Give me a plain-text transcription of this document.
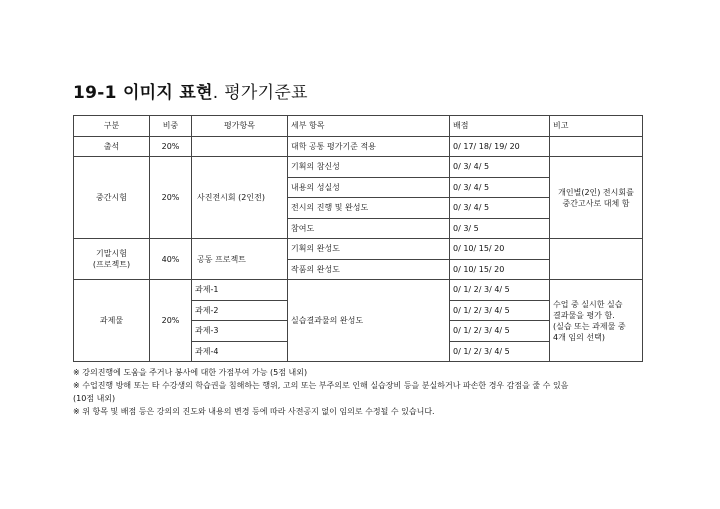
19-1 이미지 표현. 평가기준표
구분	비중	평가항목	세부 항목	배점	비고
출석	20%		대학 공통 평가기준 적용	0/ 17/ 18/ 19/ 20	
중간시험	20%	사진전시회 (2인전)	기획의 참신성	0/ 3/ 4/ 5	개인별(2인) 전시회를
중간고사로 대체 함

			내용의 성실성	0/ 3/ 4/ 5	
			전시의 진행 및 완성도	0/ 3/ 4/ 5	
			참여도	0/ 3/ 5	

기말시험
(프로젝트)	40%	공동 프로젝트	기획의 완성도	0/ 10/ 15/ 20	
			작품의 완성도	0/ 10/ 15/ 20	
과제물	20%	과제-1	실습결과물의 완성도	0/ 1/ 2/ 3/ 4/ 5	수업 중 실시한 실습
결과물을 평가 함.
(실습 또는 과제물 중
4개 임의 선택)

		과제-2		0/ 1/ 2/ 3/ 4/ 5	
		과제-3		0/ 1/ 2/ 3/ 4/ 5	
		과제-4		0/ 1/ 2/ 3/ 4/ 5	

※ 강의진행에 도움을 주거나 봉사에 대한 가점부여 가능 (5점 내외)

※ 수업진행 방해 또는 타 수강생의 학습권을 침해하는 행위, 고의 또는 부주의로 인해 실습장비 등을 분실하거나 파손한 경우 감점을 줄 수 있음

(10점 내외)

※ 위 항목 및 배점 등은 강의의 진도와 내용의 변경 등에 따라 사전공지 없이 임의로 수정될 수 있습니다.
